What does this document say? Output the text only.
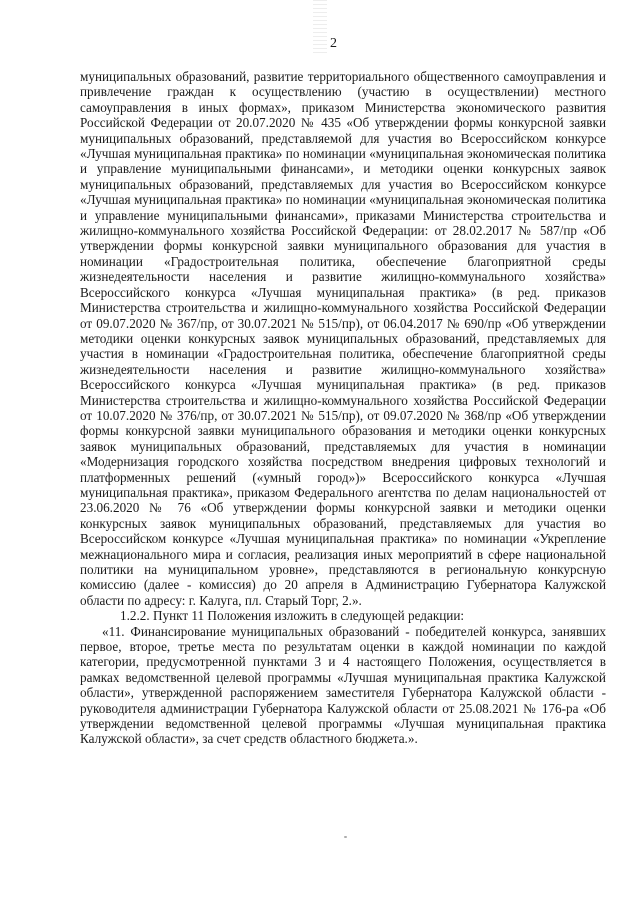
2

муниципальных образований, развитие территориального общественного самоуправления и привлечение граждан к осуществлению (участию в осуществлении) местного самоуправления в иных формах», приказом Министерства экономического развития Российской Федерации от 20.07.2020 № 435 «Об утверждении формы конкурсной заявки муниципальных образований, представляемой для участия во Всероссийском конкурсе «Лучшая муниципальная практика» по номинации «муниципальная экономическая политика и управление муниципальными финансами», и методики оценки конкурсных заявок муниципальных образований, представляемых для участия во Всероссийском конкурсе «Лучшая муниципальная практика» по номинации «муниципальная экономическая политика и управление муниципальными финансами», приказами Министерства строительства и жилищно-коммунального хозяйства Российской Федерации: от 28.02.2017 № 587/пр «Об утверждении формы конкурсной заявки муниципального образования для участия в номинации «Градостроительная политика, обеспечение благоприятной среды жизнедеятельности населения и развитие жилищно-коммунального хозяйства» Всероссийского конкурса «Лучшая муниципальная практика» (в ред. приказов Министерства строительства и жилищно-коммунального хозяйства Российской Федерации от 09.07.2020 № 367/пр, от 30.07.2021 № 515/пр), от 06.04.2017 № 690/пр «Об утверждении методики оценки конкурсных заявок муниципальных образований, представляемых для участия в номинации «Градостроительная политика, обеспечение благоприятной среды жизнедеятельности населения и развитие жилищно-коммунального хозяйства» Всероссийского конкурса «Лучшая муниципальная практика» (в ред. приказов Министерства строительства и жилищно-коммунального хозяйства Российской Федерации от 10.07.2020 № 376/пр, от 30.07.2021 № 515/пр), от 09.07.2020 № 368/пр «Об утверждении формы конкурсной заявки муниципального образования и методики оценки конкурсных заявок муниципальных образований, представляемых для участия в номинации «Модернизация городского хозяйства посредством внедрения цифровых технологий и платформенных решений («умный город»)» Всероссийского конкурса «Лучшая муниципальная практика», приказом Федерального агентства по делам национальностей от 23.06.2020 № 76 «Об утверждении формы конкурсной заявки и методики оценки конкурсных заявок муниципальных образований, представляемых для участия во Всероссийском конкурсе «Лучшая муниципальная практика» по номинации «Укрепление межнационального мира и согласия, реализация иных мероприятий в сфере национальной политики на муниципальном уровне», представляются в региональную конкурсную комиссию (далее - комиссия) до 20 апреля в Администрацию Губернатора Калужской области по адресу: г. Калуга, пл. Старый Торг, 2.».

1.2.2. Пункт 11 Положения изложить в следующей редакции:

«11. Финансирование муниципальных образований - победителей конкурса, занявших первое, второе, третье места по результатам оценки в каждой номинации по каждой категории, предусмотренной пунктами 3 и 4 настоящего Положения, осуществляется в рамках ведомственной целевой программы «Лучшая муниципальная практика Калужской области», утвержденной распоряжением заместителя Губернатора Калужской области - руководителя администрации Губернатора Калужской области от 25.08.2021 № 176-ра «Об утверждении ведомственной целевой программы «Лучшая муниципальная практика Калужской области», за счет средств областного бюджета.».
